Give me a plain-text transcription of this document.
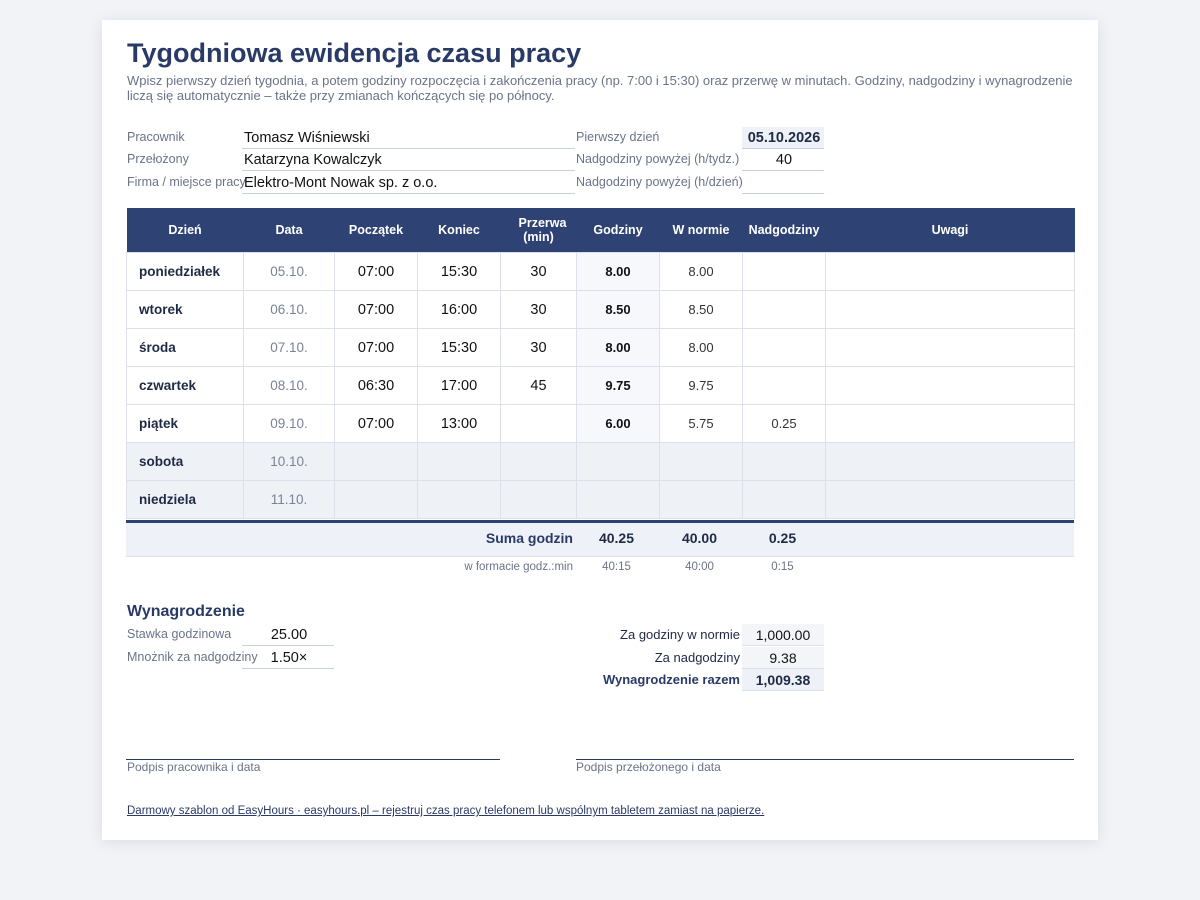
Tygodniowa ewidencja czasu pracy
Wpisz pierwszy dzień tygodnia, a potem godziny rozpoczęcia i zakończenia pracy (np. 7:00 i 15:30) oraz przerwę w minutach. Godziny, nadgodziny i wynagrodzenie liczą się automatycznie – także przy zmianach kończących się po północy.
Pracownik	Tomasz Wiśniewski
Przełożony	Katarzyna Kowalczyk
Firma / miejsce pracy
Elektro-Mont Nowak sp. z o.o.
Pierwszy dzień	05.10.2026
Nadgodziny powyżej (h/tydz.)	40
Nadgodziny powyżej (h/dzień)
Dzień	Data	Początek	Koniec	Przerwa (min)	Godziny	W normie	Nadgodziny	Uwagi
poniedziałek	05.10.	07:00	15:30	30	8.00	8.00		
wtorek	06.10.	07:00	16:00	30	8.50	8.50		
środa	07.10.	07:00	15:30	30	8.00	8.00		
czwartek	08.10.	06:30	17:00	45	9.75	9.75		
piątek	09.10.	07:00	13:00		6.00	5.75	0.25	
sobota	10.10.							
niedziela	11.10.							
Suma godzin	40.25	40.00	0.25
w formacie godz.:min	40:15	40:00	0:15
Wynagrodzenie
Stawka godzinowa	25.00
Mnożnik za nadgodziny 1.50×
Za godziny w normie	1,000.00
Za nadgodziny	9.38
Wynagrodzenie razem	1,009.38
Podpis pracownika i data	Podpis przełożonego i data
Darmowy szablon od EasyHours · easyhours.pl – rejestruj czas pracy telefonem lub wspólnym tabletem zamiast na papierze.
